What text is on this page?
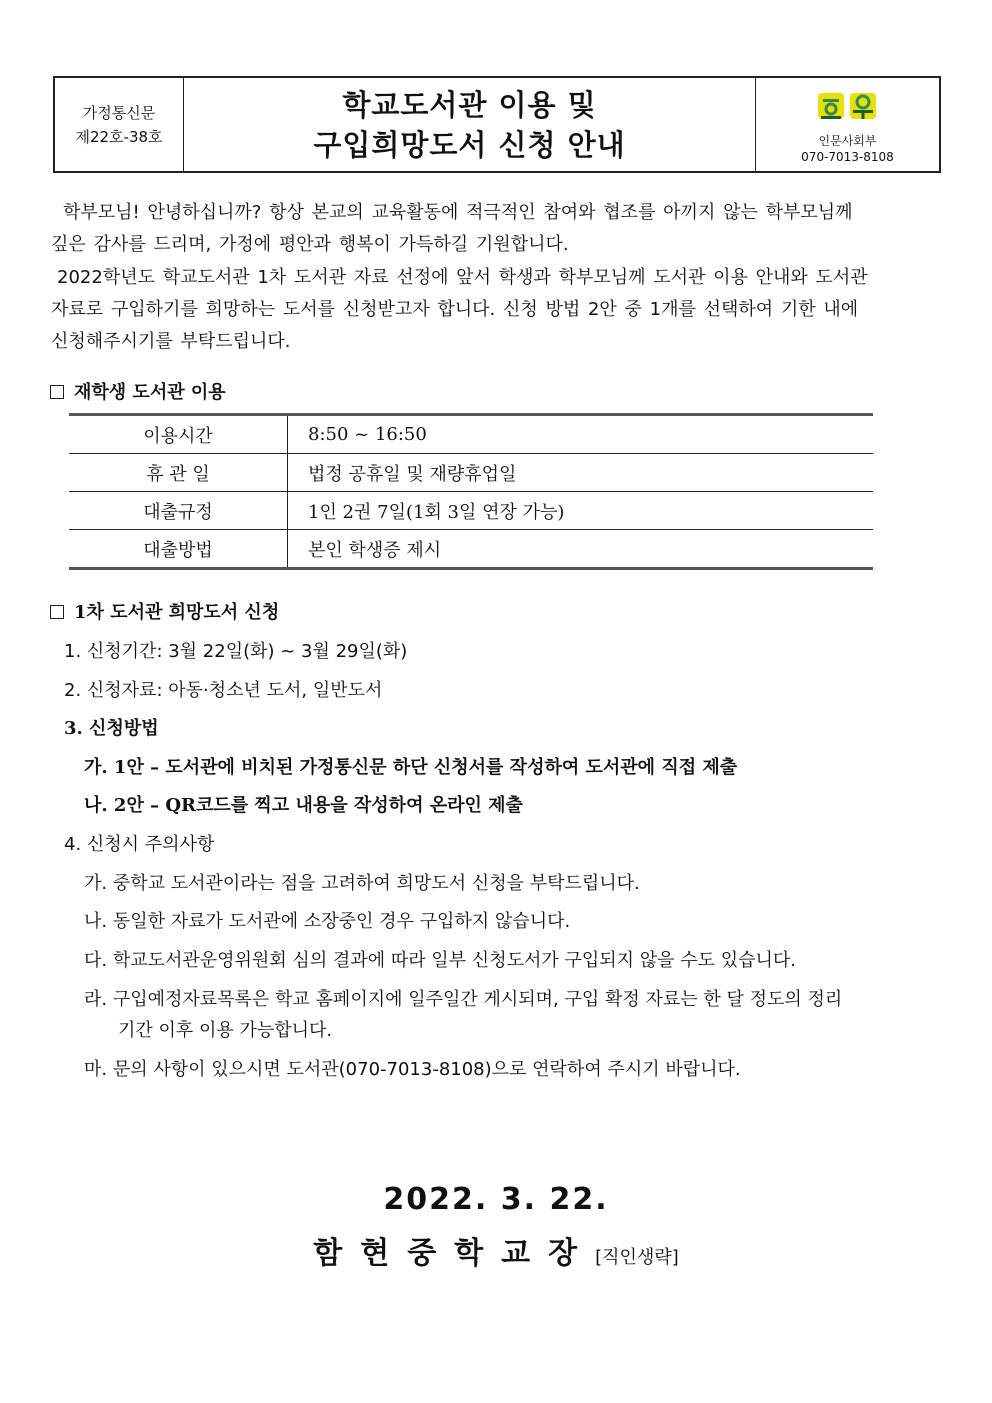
가정통신문
제22호-38호
학교도서관 이용 및
구입희망도서 신청 안내	인문사회부
070-7013-8108
학부모님! 안녕하십니까? 항상 본교의 교육활동에 적극적인 참여와 협조를 아끼지 않는 학부모님께
깊은 감사를 드리며, 가정에 평안과 행복이 가득하길 기원합니다.
2022학년도 학교도서관 1차 도서관 자료 선정에 앞서 학생과 학부모님께 도서관 이용 안내와 도서관
자료로 구입하기를 희망하는 도서를 신청받고자 합니다. 신청 방법 2안 중 1개를 선택하여 기한 내에
신청해주시기를 부탁드립니다.
재학생 도서관 이용
이용시간	8:50 ~ 16:50
휴 관 일	법정 공휴일 및 재량휴업일
대출규정	1인 2권 7일(1회 3일 연장 가능)
대출방법	본인 학생증 제시
1차 도서관 희망도서 신청
1. 신청기간: 3월 22일(화) ~ 3월 29일(화)
2. 신청자료: 아동·청소년 도서, 일반도서
3. 신청방법
가. 1안 – 도서관에 비치된 가정통신문 하단 신청서를 작성하여 도서관에 직접 제출
나. 2안 – QR코드를 찍고 내용을 작성하여 온라인 제출
4. 신청시 주의사항
가. 중학교 도서관이라는 점을 고려하여 희망도서 신청을 부탁드립니다.
나. 동일한 자료가 도서관에 소장중인 경우 구입하지 않습니다.
다. 학교도서관운영위원회 심의 결과에 따라 일부 신청도서가 구입되지 않을 수도 있습니다.
라. 구입예정자료목록은 학교 홈페이지에 일주일간 게시되며, 구입 확정 자료는 한 달 정도의 정리
기간 이후 이용 가능합니다.
마. 문의 사항이 있으시면 도서관(070-7013-8108)으로 연락하여 주시기 바랍니다.
2022. 3. 22.
함현중학교장[직인생략]
